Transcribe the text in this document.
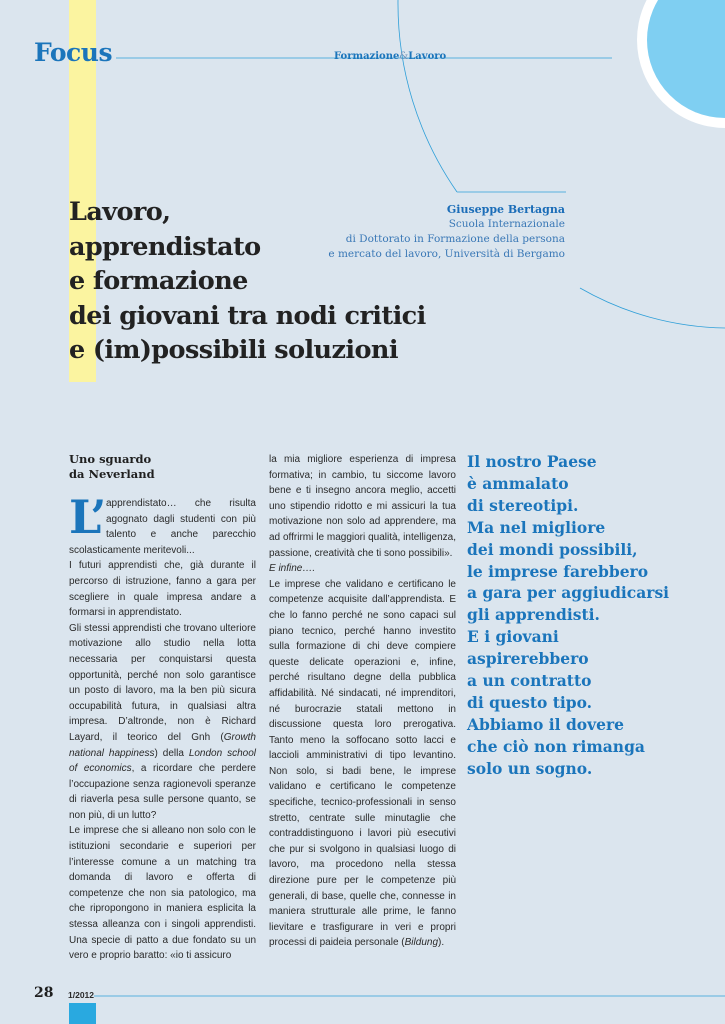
Focus	Formazione&Lavoro
Lavoro,
apprendistato
e formazione
dei giovani tra nodi critici
e (im)possibili soluzioni
Giuseppe Bertagna
Scuola Internazionale
di Dottorato in Formazione della persona
e mercato del lavoro, Università di Bergamo
Uno sguardo
da Neverland

L’ apprendistato… che risulta agognato dagli studenti con più talento e anche parecchio scolasticamente meritevoli...

I futuri apprendisti che, già durante il percorso di istruzione, fanno a gara per scegliere in quale impresa andare a formarsi in apprendistato.

Gli stessi apprendisti che trovano ulteriore motivazione allo studio nella lotta necessaria per conquistarsi questa opportunità, perché non solo garantisce un posto di lavoro, ma la ben più sicura occupabilità futura, in qualsiasi altra impresa. D’altronde, non è Richard Layard, il teorico del Gnh (Growth national happiness) della London school of economics, a ricordare che perdere l’occupazione senza ragionevoli speranze di riaverla pesa sulle persone quanto, se non più, di un lutto?

Le imprese che si alleano non solo con le istituzioni secondarie e superiori per l’interesse comune a un matching tra domanda di lavoro e offerta di competenze che non sia patologico, ma che ripropongono in maniera esplicita la stessa alleanza con i singoli apprendisti. Una specie di patto a due fondato su un vero e proprio baratto: «io ti assicuro

la mia migliore esperienza di impresa formativa; in cambio, tu siccome lavoro bene e ti insegno ancora meglio, accetti uno stipendio ridotto e mi assicuri la tua motivazione non solo ad apprendere, ma ad offrirmi le maggiori qualità, intelligenza, passione, creatività che ti sono possibili».

E infine….

Le imprese che validano e certificano le competenze acquisite dall’apprendista. E che lo fanno perché ne sono capaci sul piano tecnico, perché hanno investito sulla formazione di chi deve compiere queste delicate operazioni e, infine, perché risultano degne della pubblica affidabilità. Né sindacati, né imprenditori, né burocrazie statali mettono in discussione questa loro prerogativa. Tanto meno la soffocano sotto lacci e laccioli amministrativi di tipo levantino. Non solo, si badi bene, le imprese validano e certificano le competenze specifiche, tecnico-professionali in senso stretto, centrate sulle minutaglie che contraddistinguono i lavori più esecutivi che pur si svolgono in qualsiasi luogo di lavoro, ma procedono nella stessa direzione pure per le competenze più generali, di base, quelle che, connesse in maniera strutturale alle prime, le fanno lievitare e trasfigurare in veri e propri processi di paideia personale (Bildung).

Il nostro Paese
è ammalato
di stereotipi.
Ma nel migliore
dei mondi possibili,
le imprese farebbero
a gara per aggiudicarsi
gli apprendisti.
E i giovani
aspirerebbero
a un contratto
di questo tipo.
Abbiamo il dovere
che ciò non rimanga
solo un sogno.
28 1/2012
